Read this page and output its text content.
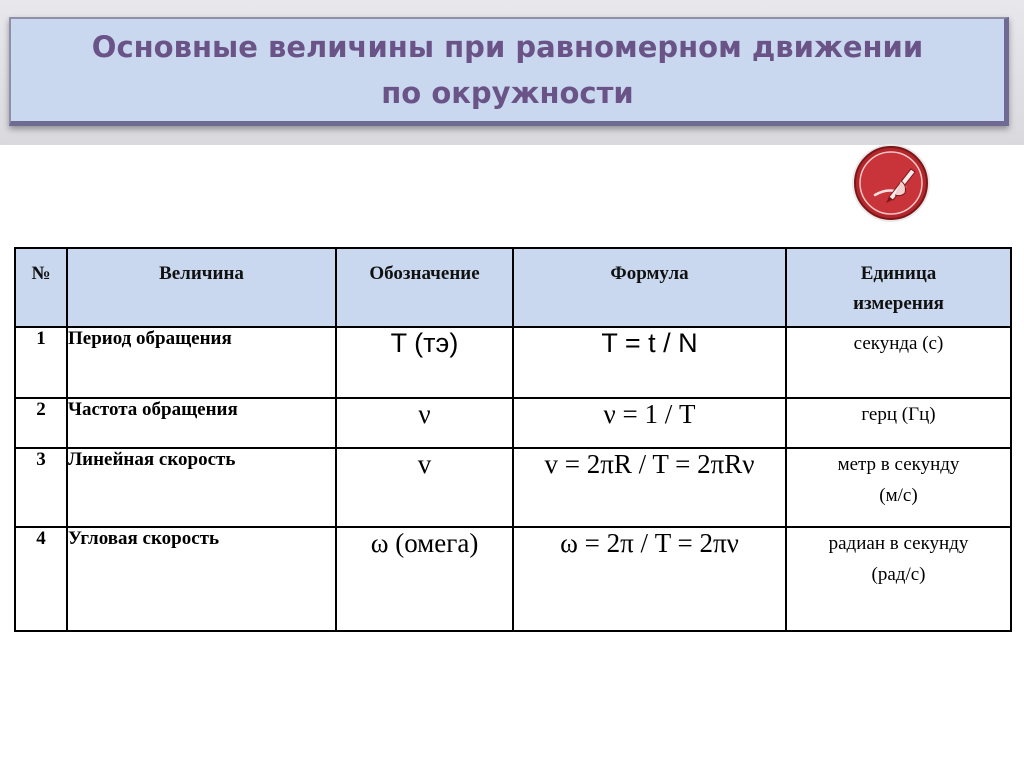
Основные величины при равномерном движении
по окружности
№	Величина	Обозначение	Формула	Единица
измерения
1	Период обращения	T (тэ)	T = t / N	секунда (с)
2	Частота обращения	ν	ν = 1 / T	герц (Гц)
3	Линейная скорость	v	v = 2πR / T = 2πRν	метр в секунду
(м/с)
4	Угловая скорость	ω (омега)	ω = 2π / T = 2πν	радиан в секунду
(рад/с)
